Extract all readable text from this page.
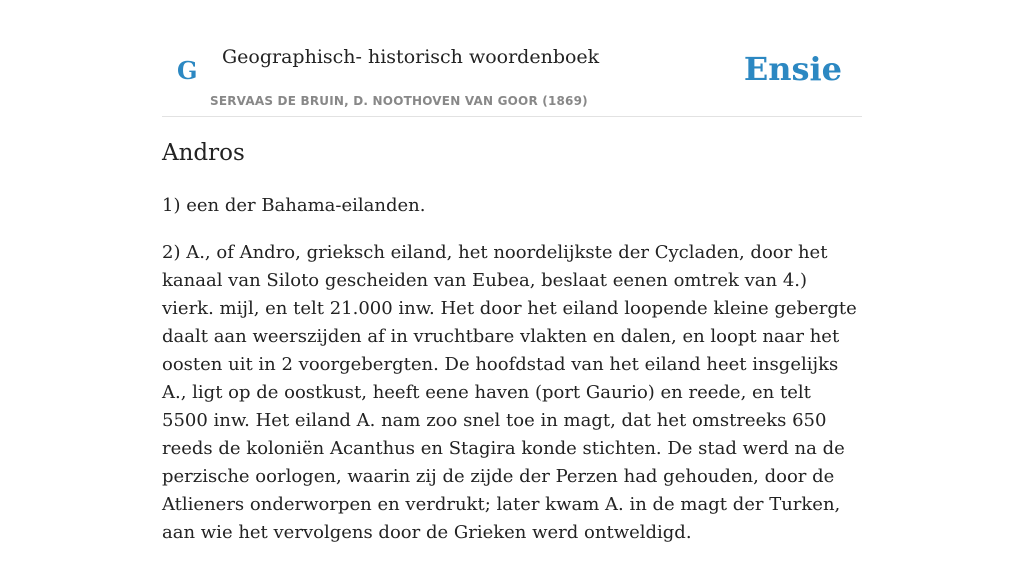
G Geographisch- historisch woordenboek
SERVAAS DE BRUIN, D. NOOTHOVEN VAN GOOR (1869)
Ensie
Andros

1) een der Bahama-eilanden.

2) A., of Andro, grieksch eiland, het noordelijkste der Cycladen, door het kanaal van Siloto gescheiden van Eubea, beslaat eenen omtrek van 4.) vierk. mijl, en telt 21.000 inw. Het door het eiland loopende kleine gebergte daalt aan weerszijden af in vruchtbare vlakten en dalen, en loopt naar het oosten uit in 2 voorgebergten. De hoofdstad van het eiland heet insgelijks A., ligt op de oostkust, heeft eene haven (port Gaurio) en reede, en telt 5500 inw. Het eiland A. nam zoo snel toe in magt, dat het omstreeks 650 reeds de koloniën Acanthus en Stagira konde stichten. De stad werd na de perzische oorlogen, waarin zij de zijde der Perzen had gehouden, door de Atlieners onderworpen en verdrukt; later kwam A. in de magt der Turken, aan wie het vervolgens door de Grieken werd ontweldigd.
